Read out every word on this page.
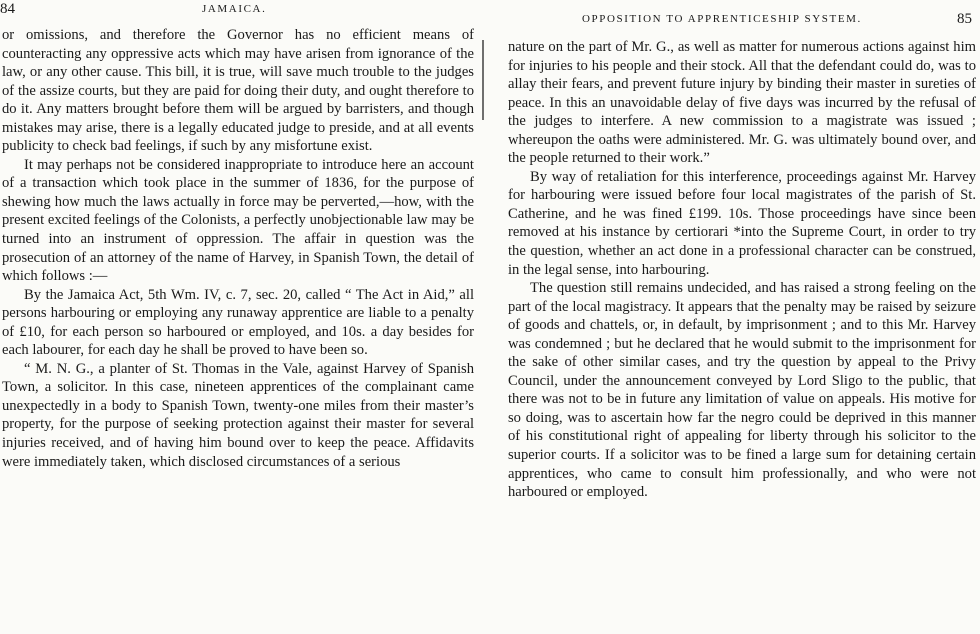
84	JAMAICA.

or omissions, and therefore the Governor has no efficient means of counteracting any oppressive acts which may have arisen from ignorance of the law, or any other cause. This bill, it is true, will save much trouble to the judges of the assize courts, but they are paid for doing their duty, and ought therefore to do it. Any matters brought before them will be argued by barristers, and though mistakes may arise, there is a legally educated judge to preside, and at all events publicity to check bad feelings, if such by any misfortune exist.

It may perhaps not be considered inappropriate to introduce here an account of a transaction which took place in the summer of 1836, for the purpose of shewing how much the laws actually in force may be perverted,—how, with the present excited feelings of the Colonists, a perfectly unobjectionable law may be turned into an instrument of oppression. The affair in question was the prosecution of an attorney of the name of Harvey, in Spanish Town, the detail of which follows :—

By the Jamaica Act, 5th Wm. IV, c. 7, sec. 20, called “ The Act in Aid,” all persons harbouring or employing any runaway apprentice are liable to a penalty of £10, for each person so harboured or employed, and 10s. a day besides for each labourer, for each day he shall be proved to have been so.

“ M. N. G., a planter of St. Thomas in the Vale, against Harvey of Spanish Town, a solicitor. In this case, nineteen apprentices of the complainant came unexpectedly in a body to Spanish Town, twenty-one miles from their master’s property, for the purpose of seeking protection against their master for several injuries received, and of having him bound over to keep the peace. Affidavits were immediately taken, which disclosed circumstances of a serious

OPPOSITION TO APPRENTICESHIP SYSTEM.	85

nature on the part of Mr. G., as well as matter for numerous actions against him for injuries to his people and their stock. All that the defendant could do, was to allay their fears, and prevent future injury by binding their master in sureties of peace. In this an unavoidable delay of five days was incurred by the refusal of the judges to interfere. A new commission to a magistrate was issued ; whereupon the oaths were administered. Mr. G. was ultimately bound over, and the people returned to their work.”

By way of retaliation for this interference, proceedings against Mr. Harvey for harbouring were issued before four local magistrates of the parish of St. Catherine, and he was fined £199. 10s. Those proceedings have since been removed at his instance by certiorari *into the Supreme Court, in order to try the question, whether an act done in a professional character can be construed, in the legal sense, into harbouring.

The question still remains undecided, and has raised a strong feeling on the part of the local magistracy. It appears that the penalty may be raised by seizure of goods and chattels, or, in default, by imprisonment ; and to this Mr. Harvey was condemned ; but he declared that he would submit to the imprisonment for the sake of other similar cases, and try the question by appeal to the Privy Council, under the announcement conveyed by Lord Sligo to the public, that there was not to be in future any limitation of value on appeals. His motive for so doing, was to ascertain how far the negro could be deprived in this manner of his constitutional right of appealing for liberty through his solicitor to the superior courts. If a solicitor was to be fined a large sum for detaining certain apprentices, who came to consult him professionally, and who were not harboured or employed.
